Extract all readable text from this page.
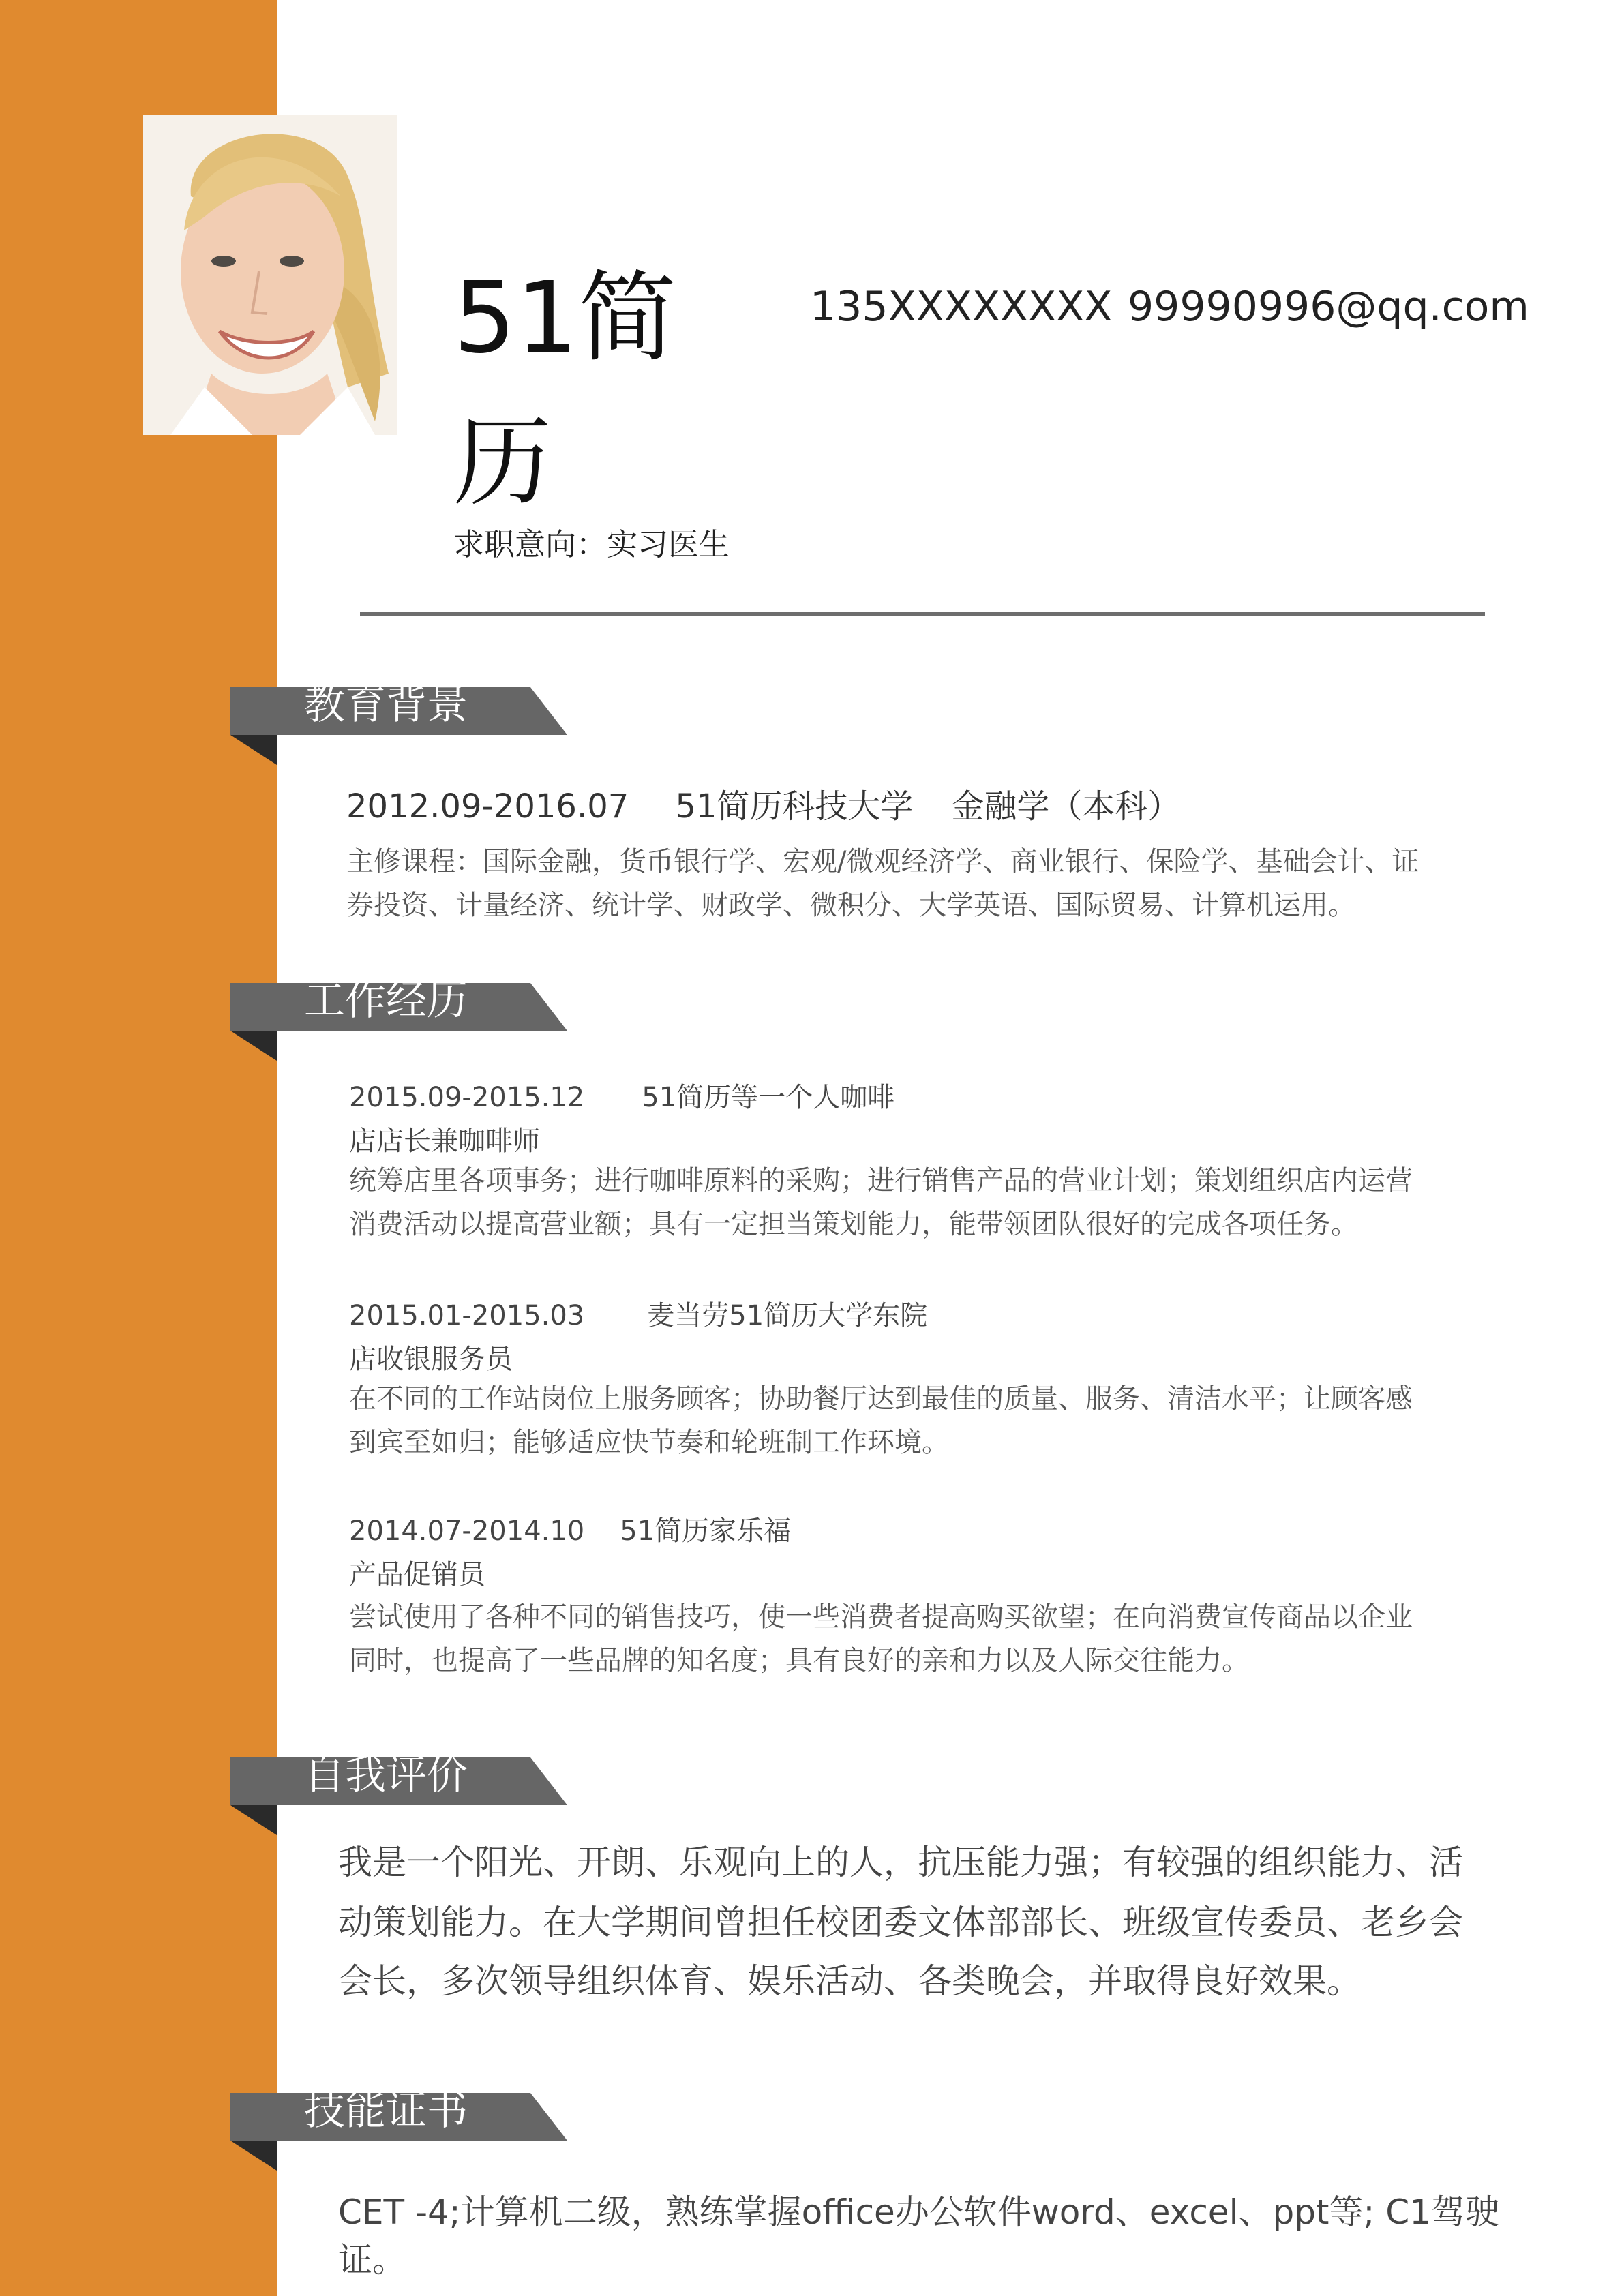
51简
历
135XXXXXXXX 99990996@qq.com
求职意向：实习医生
教育背景
2012.09-2016.07 51简历科技大学 金融学（本科）
主修课程：国际金融，货币银行学、宏观/微观经济学、商业银行、保险学、基础会计、证
券投资、计量经济、统计学、财政学、微积分、大学英语、国际贸易、计算机运用。
工作经历
2015.09-2015.12 51简历等一个人咖啡
店店长兼咖啡师
统筹店里各项事务；进行咖啡原料的采购；进行销售产品的营业计划；策划组织店内运营
消费活动以提高营业额；具有一定担当策划能力，能带领团队很好的完成各项任务。
2015.01-2015.03 麦当劳51简历大学东院
店收银服务员
在不同的工作站岗位上服务顾客；协助餐厅达到最佳的质量、服务、清洁水平；让顾客感
到宾至如归；能够适应快节奏和轮班制工作环境。
2014.07-2014.10 51简历家乐福
产品促销员
尝试使用了各种不同的销售技巧，使一些消费者提高购买欲望；在向消费宣传商品以企业
同时，也提高了一些品牌的知名度；具有良好的亲和力以及人际交往能力。
自我评价
我是一个阳光、开朗、乐观向上的人，抗压能力强；有较强的组织能力、活
动策划能力。在大学期间曾担任校团委文体部部长、班级宣传委员、老乡会
会长，多次领导组织体育、娱乐活动、各类晚会，并取得良好效果。
技能证书
CET -4;计算机二级，熟练掌握office办公软件word、excel、ppt等; C1驾驶
证。
